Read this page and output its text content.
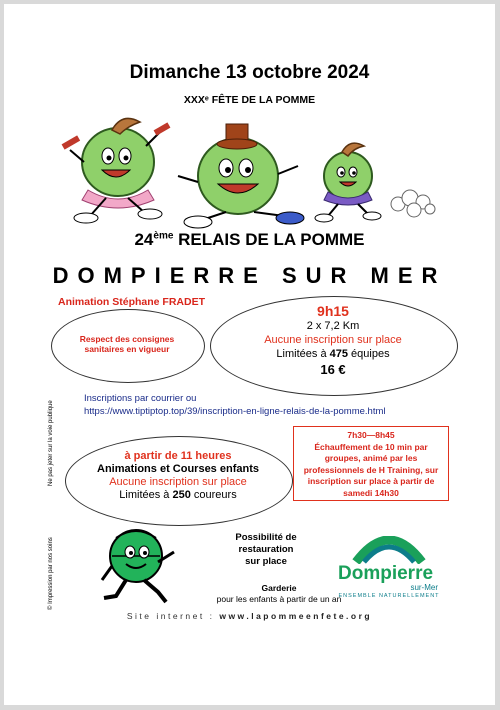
Dimanche 13 octobre 2024
XXXᵉ FÊTE DE LA POMME
24ème RELAIS DE LA POMME
DOMPIERRE SUR MER
Animation Stéphane FRADET
Respect des consignes sanitaires en vigueur
9h15
2 x 7,2 Km
Aucune inscription sur place
Limitées à 475 équipes
16 €
Inscriptions par courrier ou
https://www.tiptiptop.top/39/inscription-en-ligne-relais-de-la-pomme.html
7h30—8h45
Échauffement de 10 min par groupes, animé par les professionnels de H Training, sur inscription sur place à partir de samedi 14h30
Ne pas jeter sur la voie publique
© Impression par nos soins
à partir de 11 heures
Animations et Courses enfants
Aucune inscription sur place
Limitées à 250 coureurs
Possibilité de restauration sur place
Garderie
pour les enfants à partir de un an
Dompierre
sur-Mer
ENSEMBLE NATURELLEMENT
Site internet : www.lapommeenfete.org
